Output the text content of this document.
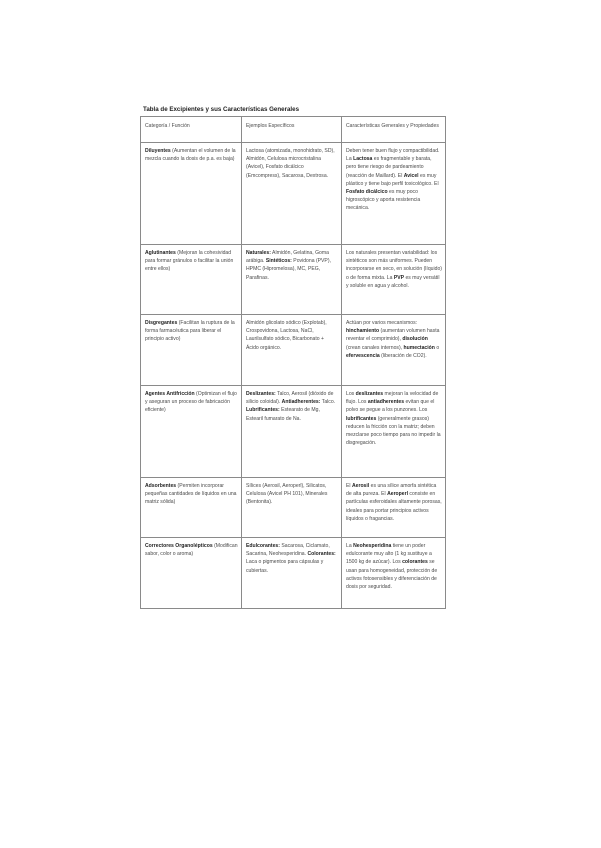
Tabla de Excipientes y sus Características Generales
Categoría / Función	Ejemplos Específicos	Características Generales y Propiedades
Diluyentes (Aumentan el volumen de la mezcla cuando la dosis de p.a. es baja)	Lactosa (atomizada, monohidrato, SD), Almidón, Celulosa microcristalina (Avicel), Fosfato dicálcico (Emcompress), Sacarosa, Dextrosa.	Deben tener buen flujo y compactibilidad. La Lactosa es fragmentable y barata, pero tiene riesgo de pardeamiento (reacción de Maillard). El Avicel es muy plástico y tiene bajo perfil toxicológico. El Fosfato dicálcico es muy poco higroscópico y aporta resistencia mecánica.
Aglutinantes (Mejoran la cohesividad para formar gránulos o facilitar la unión entre ellos)	Naturales: Almidón, Gelatina, Goma arábiga. Sintéticos: Povidona (PVP), HPMC (Hipromelosa), MC, PEG, Parafinas.	Los naturales presentan variabilidad: los sintéticos son más uniformes. Pueden incorporarse en seco, en solución (líquido) o de forma mixta. La PVP es muy versátil y soluble en agua y alcohol.
Disgregantes (Facilitan la ruptura de la forma farmacéutica para liberar el principio activo)	Almidón glicolato sódico (Explotab), Crospovidona, Lactosa, NaCl, Laurilsulfato sódico, Bicarbonato + Ácido orgánico.	Actúan por varios mecanismos: hinchamiento (aumentan volumen hasta reventar el comprimido), disolución (crean canales internos), humectación o efervescencia (liberación de CO2).
Agentes Antifricción (Optimizan el flujo y aseguran un proceso de fabricación eficiente)	Deslizantes: Talco, Aerosil (dióxido de silicio coloidal). Antiadherentes: Talco. Lubrificantes: Estearato de Mg, Estearil fumarato de Na.	Los deslizantes mejoran la velocidad de flujo. Los antiadherentes evitan que el polvo se pegue a los punzones. Los lubrificantes (generalmente grasos) reducen la fricción con la matriz; deben mezclarse poco tiempo para no impedir la disgregación.
Adsorbentes (Permiten incorporar pequeñas cantidades de líquidos en una matriz sólida)	Sílices (Aerosil, Aeroperl), Silicatos, Celulosa (Avicel PH 101), Minerales (Bentonita).	El Aerosil es una sílice amorfa sintética de alta pureza. El Aeroperl consiste en partículas esferoidales altamente porosas, ideales para portar principios activos líquidos o fragancias.
Correctores Organolépticos (Modifican sabor, color o aroma)	Edulcorantes: Sacarosa, Ciclamato, Sacarina, Neohesperidina. Colorantes: Laca o pigmentos para cápsulas y cubiertas.	La Neohesperidina tiene un poder edulcorante muy alto (1 kg sustituye a 1500 kg de azúcar). Los colorantes se usan para homogeneidad, protección de activos fotosensibles y diferenciación de dosis por seguridad.
